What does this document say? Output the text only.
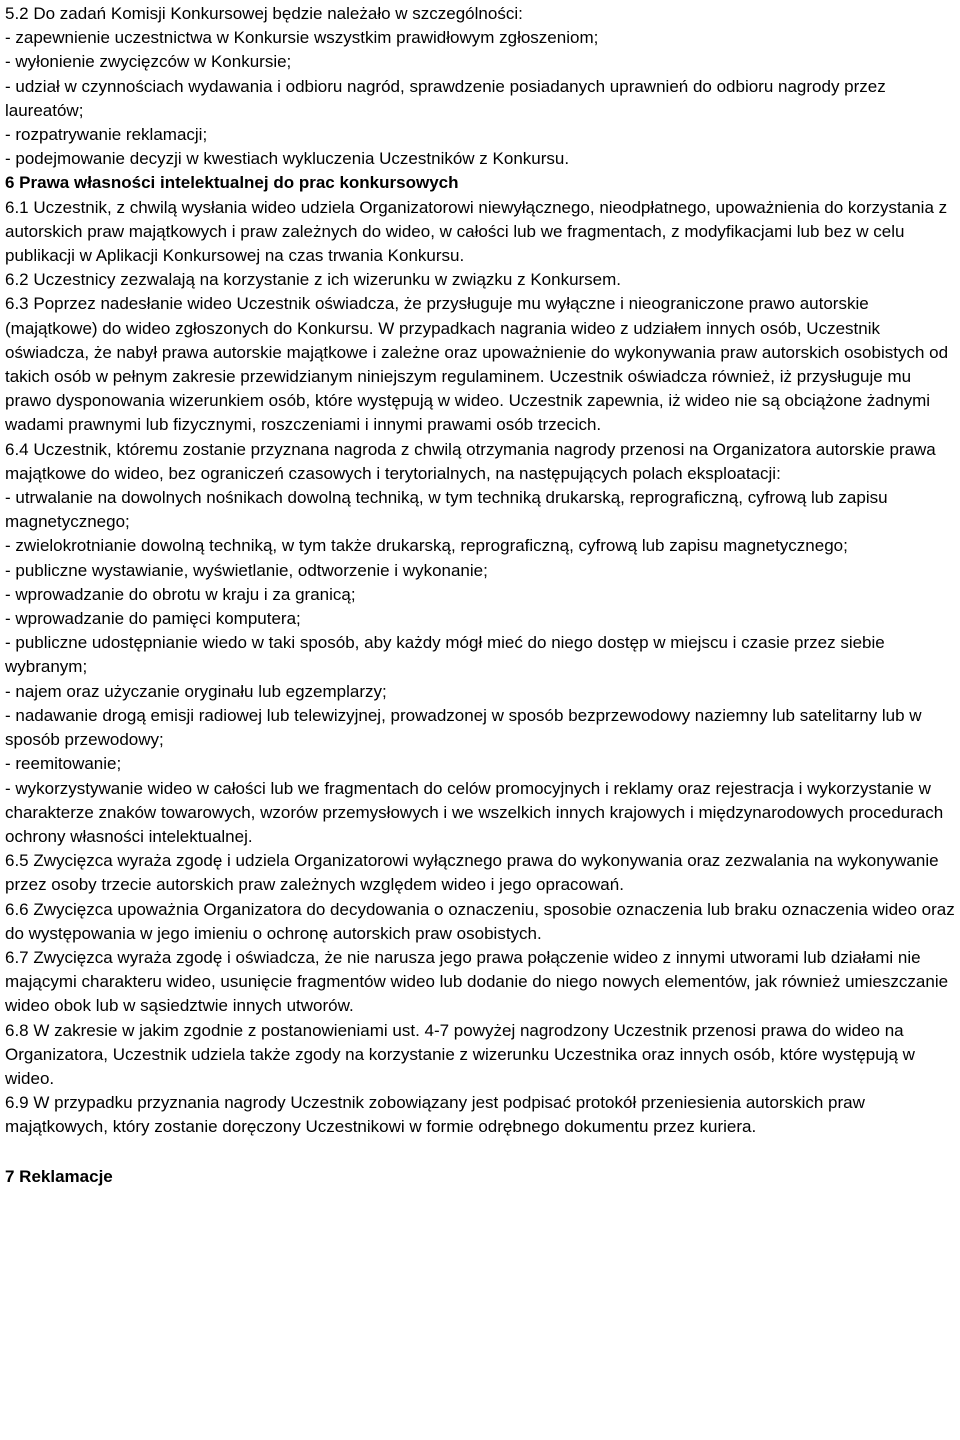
5.2 Do zadań Komisji Konkursowej będzie należało w szczególności:

- zapewnienie uczestnictwa w Konkursie wszystkim prawidłowym zgłoszeniom;

- wyłonienie zwycięzców w Konkursie;

- udział w czynnościach wydawania i odbioru nagród, sprawdzenie posiadanych uprawnień do odbioru nagrody przez laureatów;

- rozpatrywanie reklamacji;

- podejmowanie decyzji w kwestiach wykluczenia Uczestników z Konkursu.

6 Prawa własności intelektualnej do prac konkursowych

6.1 Uczestnik, z chwilą wysłania wideo udziela Organizatorowi niewyłącznego, nieodpłatnego, upoważnienia do korzystania z autorskich praw majątkowych i praw zależnych do wideo, w całości lub we fragmentach, z modyfikacjami lub bez w celu publikacji w Aplikacji Konkursowej na czas trwania Konkursu.

6.2 Uczestnicy zezwalają na korzystanie z ich wizerunku w związku z Konkursem.

6.3 Poprzez nadesłanie wideo Uczestnik oświadcza, że przysługuje mu wyłączne i nieograniczone prawo autorskie (majątkowe) do wideo zgłoszonych do Konkursu. W przypadkach nagrania wideo z udziałem innych osób, Uczestnik oświadcza, że nabył prawa autorskie majątkowe i zależne oraz upoważnienie do wykonywania praw autorskich osobistych od takich osób w pełnym zakresie przewidzianym niniejszym regulaminem. Uczestnik oświadcza również, iż przysługuje mu prawo dysponowania wizerunkiem osób, które występują w wideo. Uczestnik zapewnia, iż wideo nie są obciążone żadnymi wadami prawnymi lub fizycznymi, roszczeniami i innymi prawami osób trzecich.

6.4 Uczestnik, któremu zostanie przyznana nagroda z chwilą otrzymania nagrody przenosi na Organizatora autorskie prawa majątkowe do wideo, bez ograniczeń czasowych i terytorialnych, na następujących polach eksploatacji:

- utrwalanie na dowolnych nośnikach dowolną techniką, w tym techniką drukarską, reprograficzną, cyfrową lub zapisu magnetycznego;

- zwielokrotnianie dowolną techniką, w tym także drukarską, reprograficzną, cyfrową lub zapisu magnetycznego;

- publiczne wystawianie, wyświetlanie, odtworzenie i wykonanie;

- wprowadzanie do obrotu w kraju i za granicą;

- wprowadzanie do pamięci komputera;

- publiczne udostępnianie wiedo w taki sposób, aby każdy mógł mieć do niego dostęp w miejscu i czasie przez siebie wybranym;

- najem oraz użyczanie oryginału lub egzemplarzy;

- nadawanie drogą emisji radiowej lub telewizyjnej, prowadzonej w sposób bezprzewodowy naziemny lub satelitarny lub w sposób przewodowy;

- reemitowanie;

- wykorzystywanie wideo w całości lub we fragmentach do celów promocyjnych i reklamy oraz rejestracja i wykorzystanie w charakterze znaków towarowych, wzorów przemysłowych i we wszelkich innych krajowych i międzynarodowych procedurach ochrony własności intelektualnej.

6.5 Zwycięzca wyraża zgodę i udziela Organizatorowi wyłącznego prawa do wykonywania oraz zezwalania na wykonywanie przez osoby trzecie autorskich praw zależnych względem wideo i jego opracowań.

6.6 Zwycięzca upoważnia Organizatora do decydowania o oznaczeniu, sposobie oznaczenia lub braku oznaczenia wideo oraz do występowania w jego imieniu o ochronę autorskich praw osobistych.

6.7 Zwycięzca wyraża zgodę i oświadcza, że nie narusza jego prawa połączenie wideo z innymi utworami lub działami nie mającymi charakteru wideo, usunięcie fragmentów wideo lub dodanie do niego nowych elementów, jak również umieszczanie wideo obok lub w sąsiedztwie innych utworów.

6.8 W zakresie w jakim zgodnie z postanowieniami ust. 4-7 powyżej nagrodzony Uczestnik przenosi prawa do wideo na Organizatora, Uczestnik udziela także zgody na korzystanie z wizerunku Uczestnika oraz innych osób, które występują w wideo.

6.9 W przypadku przyznania nagrody Uczestnik zobowiązany jest podpisać protokół przeniesienia autorskich praw majątkowych, który zostanie doręczony Uczestnikowi w formie odrębnego dokumentu przez kuriera.

7 Reklamacje
